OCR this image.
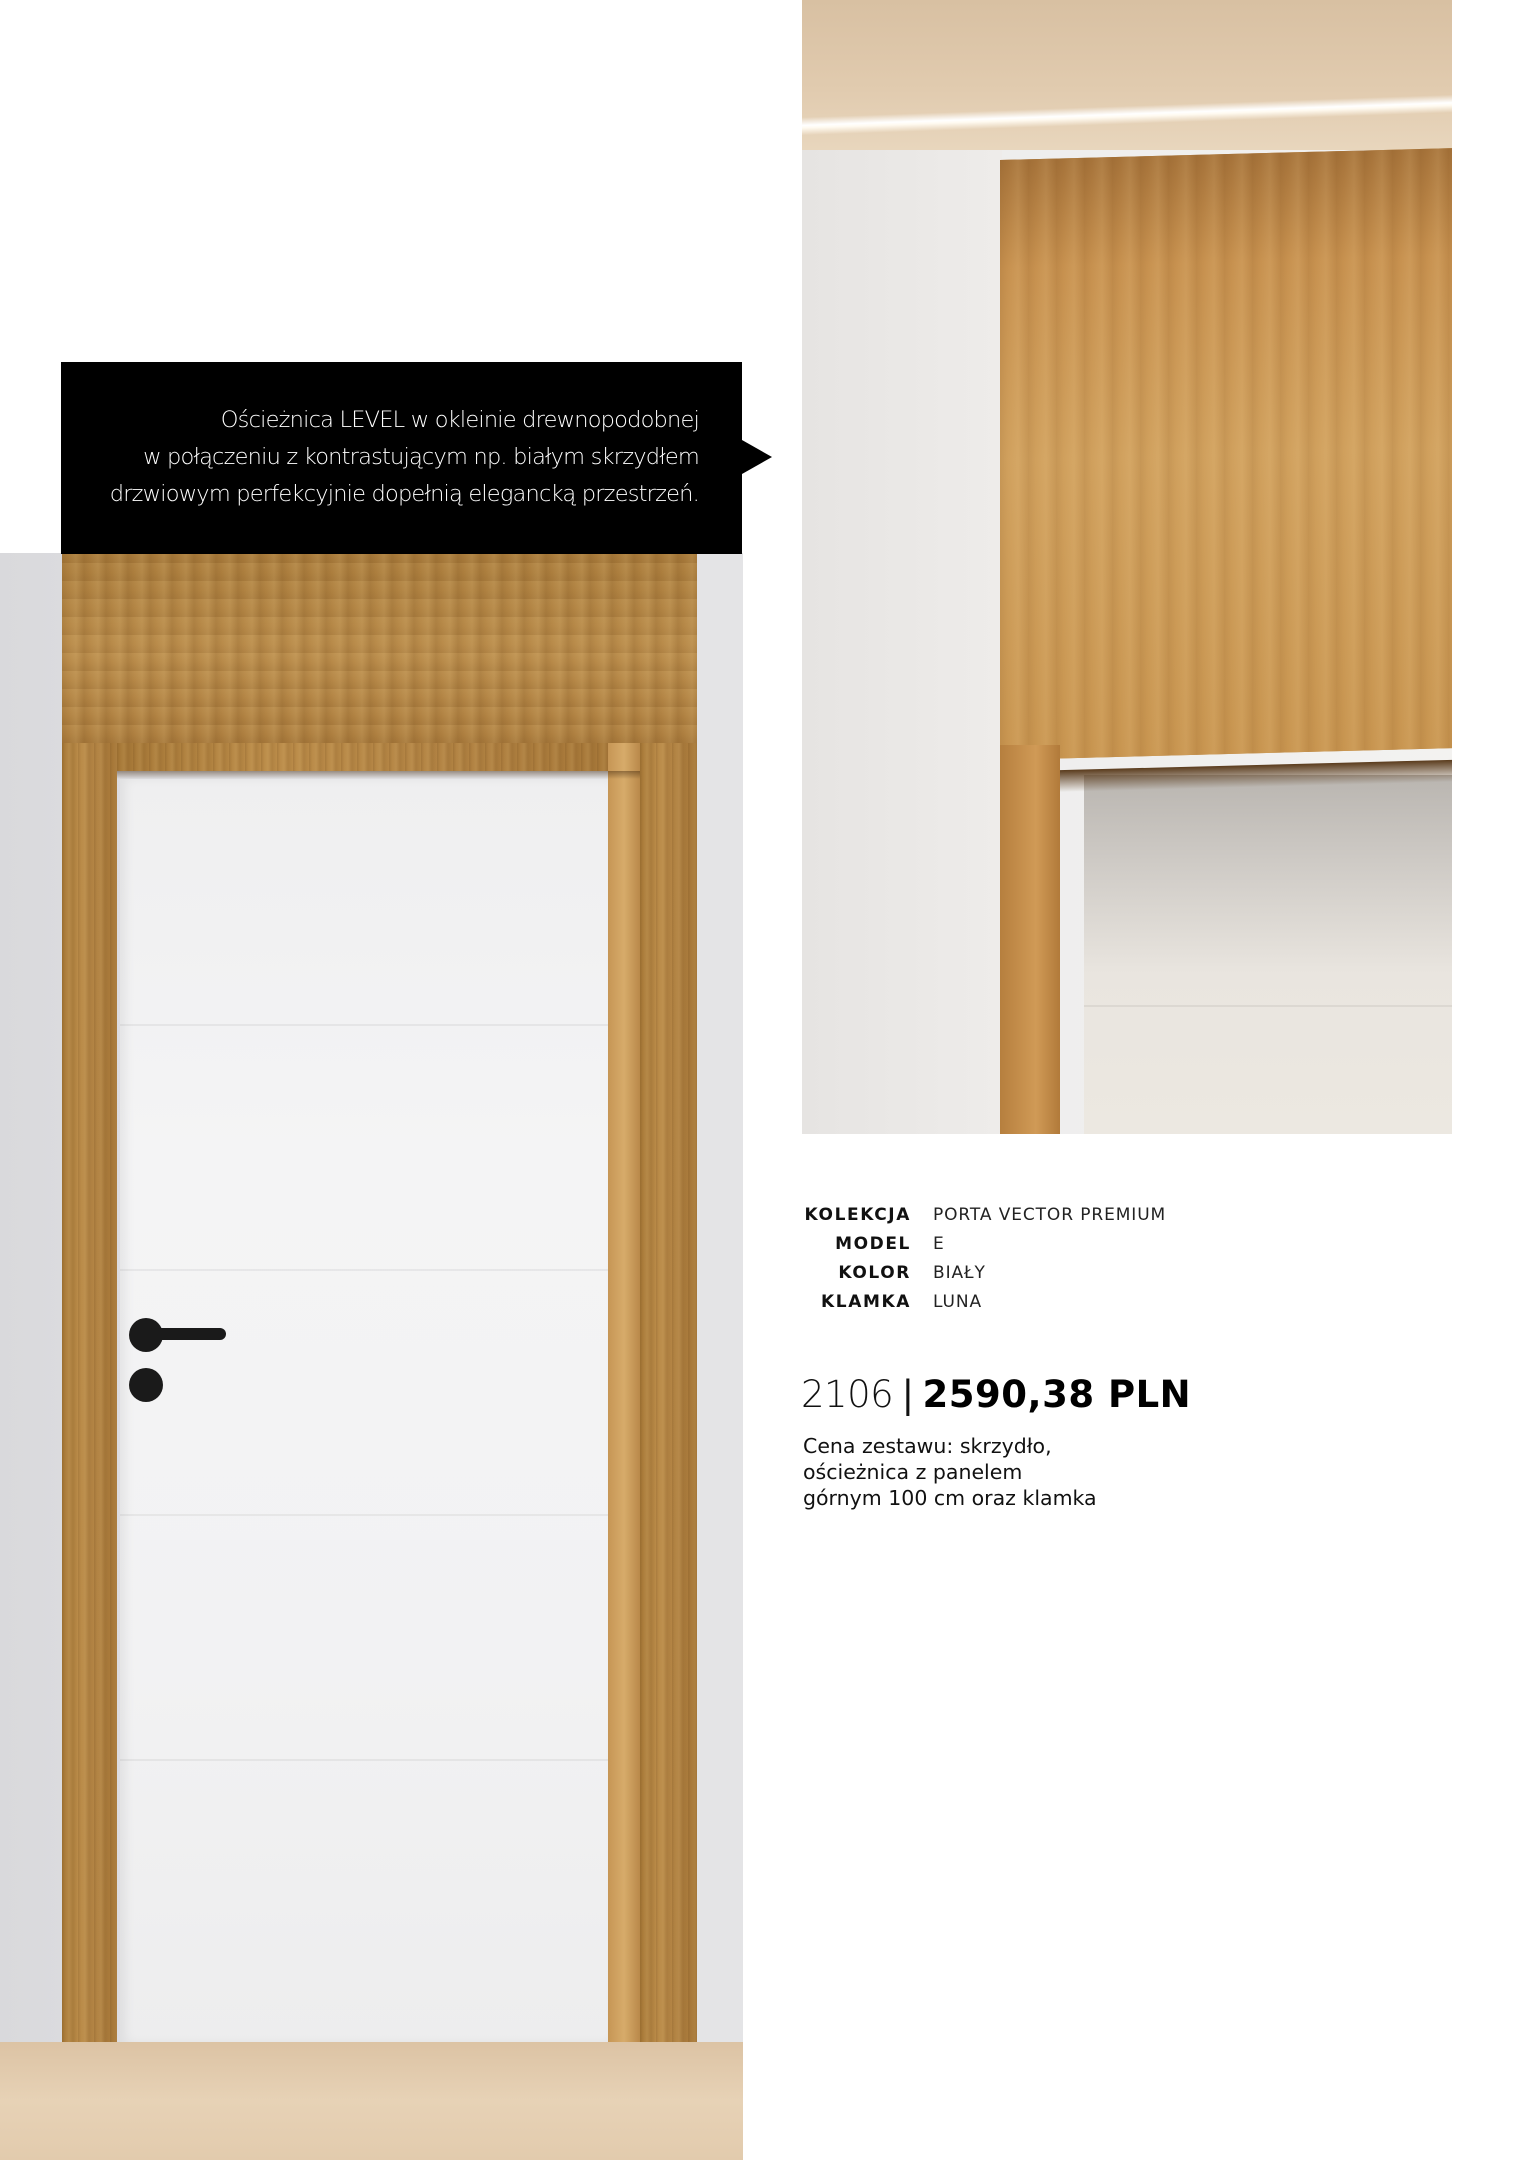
Ościeżnica LEVEL w okleinie drewnopodobnej

w połączeniu z kontrastującym np. białym skrzydłem

drzwiowym perfekcyjnie dopełnią elegancką przestrzeń.

KOLEKCJA PORTA VECTOR PREMIUM
MODEL E
KOLOR BIAŁY
KLAMKA LUNA
2106 | 2590,38 PLN

Cena zestawu: skrzydło,

ościeżnica z panelem

górnym 100 cm oraz klamka
